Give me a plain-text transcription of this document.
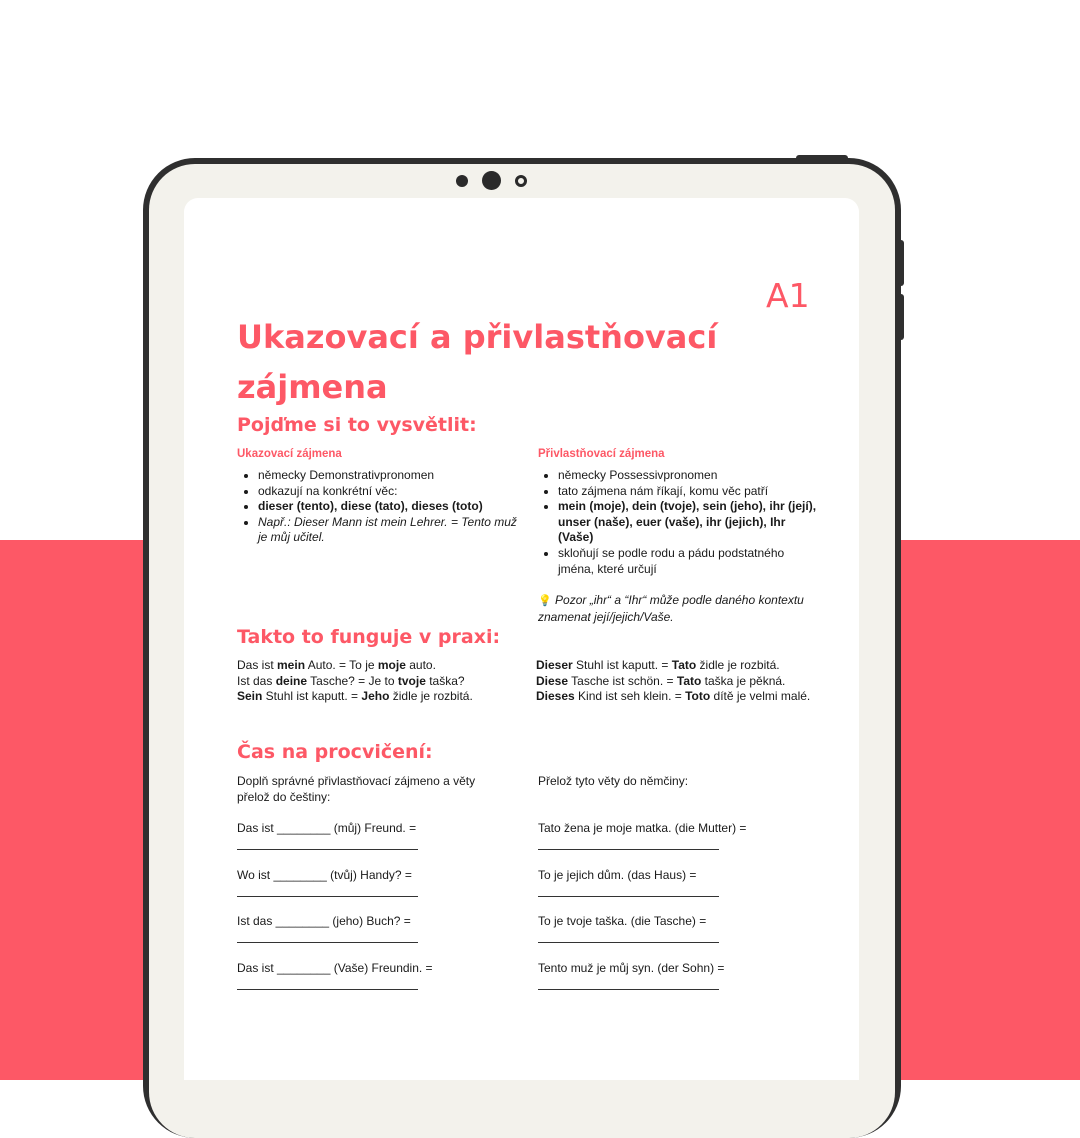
A1
Ukazovací a přivlastňovací zájmena
Pojďme si to vysvětlit:
Ukazovací zájmena
• německy Demonstrativpronomen
• odkazují na konkrétní věc:
• dieser (tento), diese (tato), dieses (toto)
• Např.: Dieser Mann ist mein Lehrer. = Tento muž je můj učitel.
Přivlastňovací zájmena
• německy Possessivpronomen
• tato zájmena nám říkají, komu věc patří
• mein (moje), dein (tvoje), sein (jeho), ihr (její), unser (naše), euer (vaše), ihr (jejich), Ihr (Vaše)
• skloňují se podle rodu a pádu podstatného jména, které určují
💡 Pozor „ihr“ a “Ihr“ může podle daného kontextu znamenat její/jejich/Vaše.
Takto to funguje v praxi:
Das ist mein Auto. = To je moje auto.
Ist das deine Tasche? = Je to tvoje taška?
Sein Stuhl ist kaputt. = Jeho židle je rozbitá.
Dieser Stuhl ist kaputt. = Tato židle je rozbitá.
Diese Tasche ist schön. = Tato taška je pěkná.
Dieses Kind ist seh klein. = Toto dítě je velmi malé.
Čas na procvičení:
Doplň správné přivlastňovací zájmeno a věty přelož do češtiny:
Přelož tyto věty do němčiny:
Das ist ________ (můj) Freund. =
Wo ist ________ (tvůj) Handy? =
Ist das ________ (jeho) Buch? =
Das ist ________ (Vaše) Freundin. =
Tato žena je moje matka. (die Mutter) =
To je jejich dům. (das Haus) =
To je tvoje taška. (die Tasche) =
Tento muž je můj syn. (der Sohn) =
